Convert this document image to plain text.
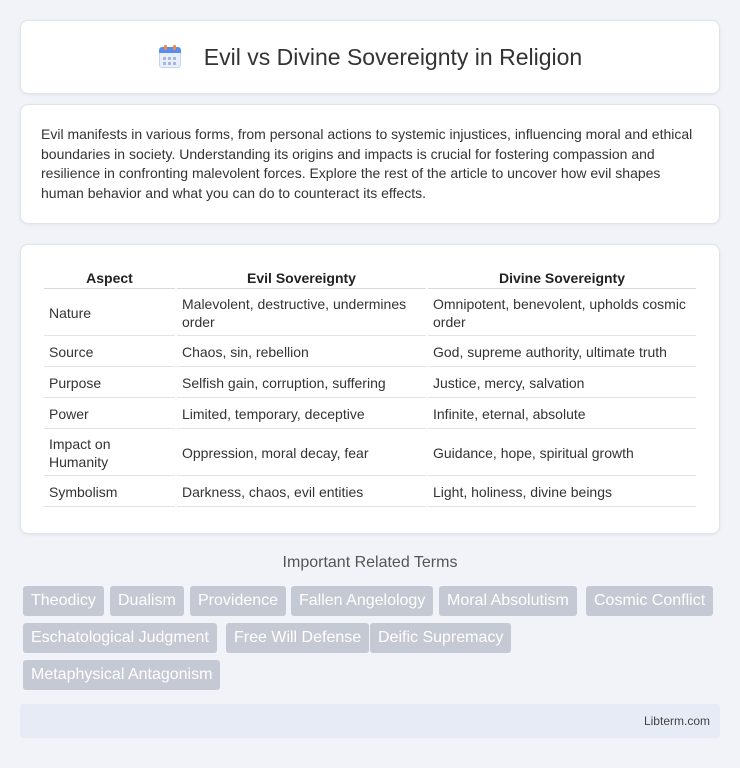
Evil vs Divine Sovereignty in Religion

Evil manifests in various forms, from personal actions to systemic injustices, influencing moral and ethical boundaries in society. Understanding its origins and impacts is crucial for fostering compassion and resilience in confronting malevolent forces. Explore the rest of the article to uncover how evil shapes human behavior and what you can do to counteract its effects.

Aspect	Evil Sovereignty	Divine Sovereignty
Nature	Malevolent, destructive, undermines order	Omnipotent, benevolent, upholds cosmic order
Source	Chaos, sin, rebellion	God, supreme authority, ultimate truth
Purpose	Selfish gain, corruption, suffering	Justice, mercy, salvation
Power	Limited, temporary, deceptive	Infinite, eternal, absolute
Impact on Humanity	Oppression, moral decay, fear	Guidance, hope, spiritual growth
Symbolism	Darkness, chaos, evil entities	Light, holiness, divine beings
Important Related Terms
Theodicy	Dualism	Providence	Fallen Angelology	Moral Absolutism	Cosmic Conflict
Eschatological Judgment	Free Will Defense	Deific Supremacy
Metaphysical Antagonism
Libterm.com
